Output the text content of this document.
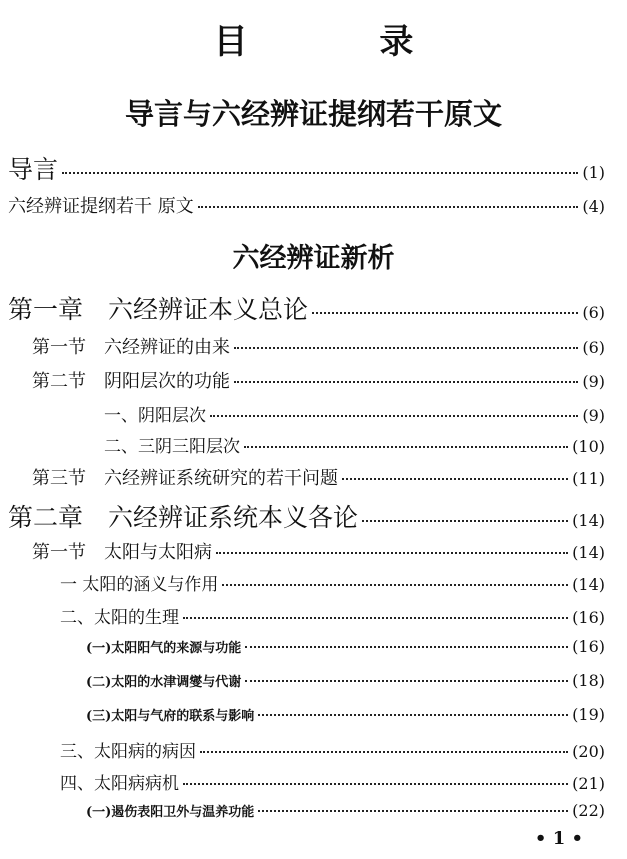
目 录
导言与六经辨证提纲若干原文
导言	(1)
六经辨证提纲若干 原文	(4)
六经辨证新析
第一章　六经辨证本义总论	(6)
第一节　六经辨证的由来	(6)
第二节　阴阳层次的功能	(9)
一、阴阳层次	(9)
二、三阴三阳层次	(10)
第三节　六经辨证系统研究的若干问题	(11)
第二章　六经辨证系统本义各论	(14)
第一节　太阳与太阳病	(14)
一 太阳的涵义与作用	(14)
二、太阳的生理	(16)
(一)太阳阳气的来源与功能	(16)
(二)太阳的水津调燮与代谢	(18)
(三)太阳与气府的联系与影响	(19)
三、太阳病的病因	(20)
四、太阳病病机	(21)
(一)遏伤表阳卫外与温养功能	(22)
• 1 •
